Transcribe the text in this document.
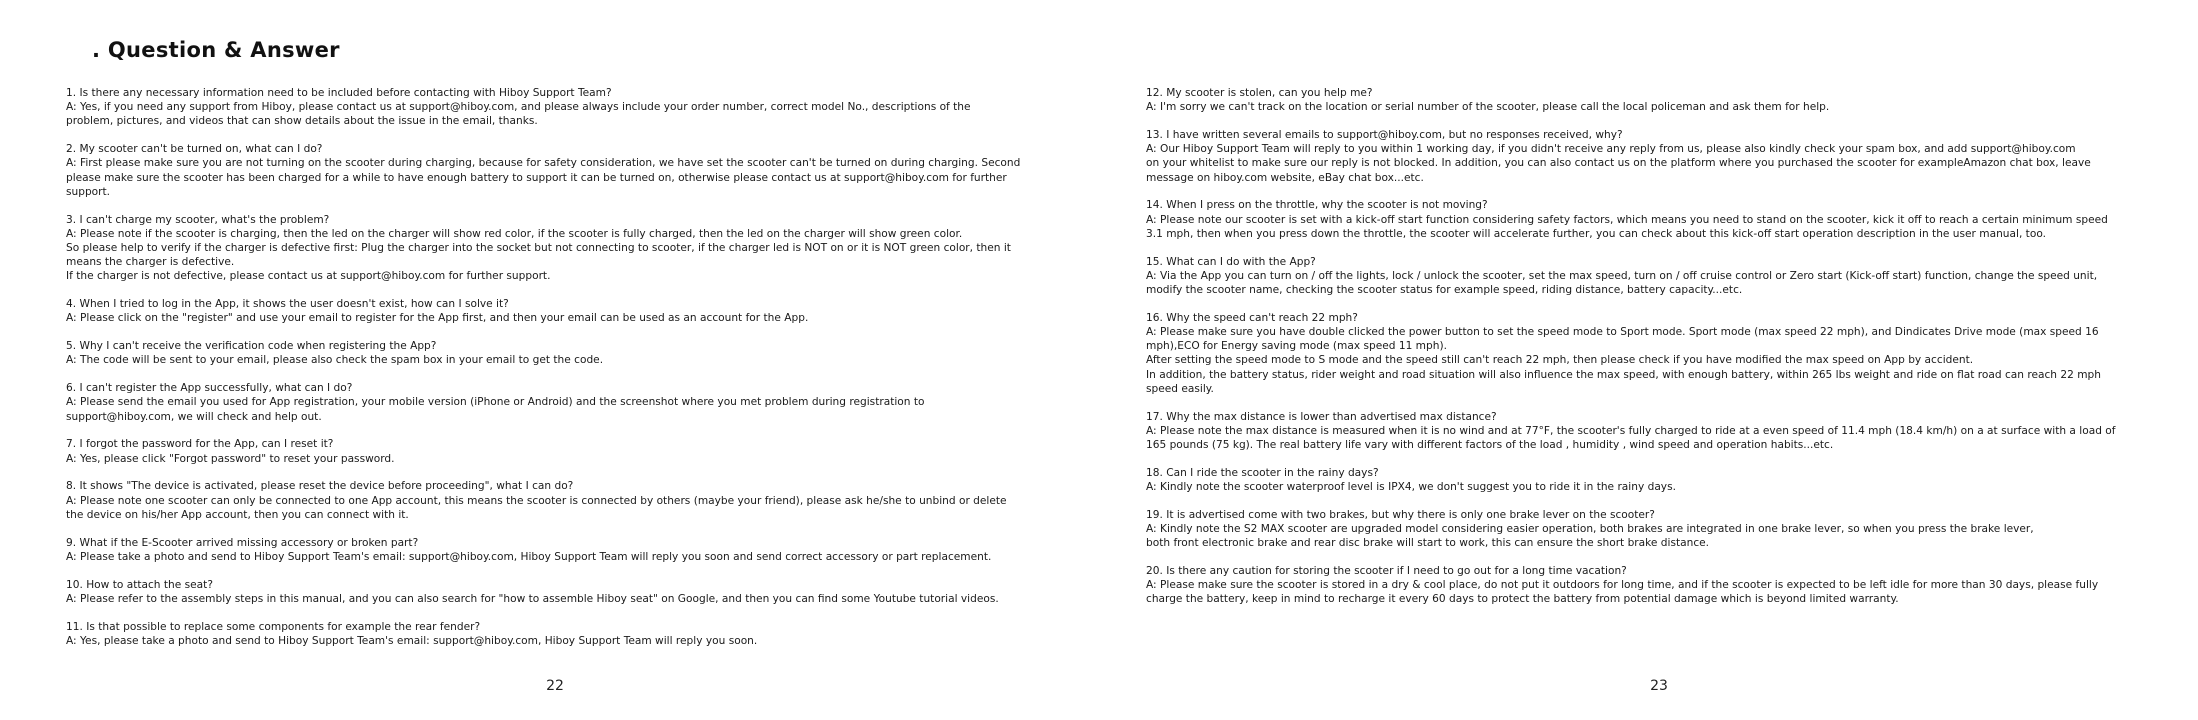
. Question & Answer

1. Is there any necessary information need to be included before contacting with Hiboy Support Team?

A: Yes, if you need any support from Hiboy, please contact us at support@hiboy.com, and please always include your order number, correct model No., descriptions of the
problem, pictures, and videos that can show details about the issue in the email, thanks.

2. My scooter can't be turned on, what can I do?

A: First please make sure you are not turning on the scooter during charging, because for safety consideration, we have set the scooter can't be turned on during charging. Second
please make sure the scooter has been charged for a while to have enough battery to support it can be turned on, otherwise please contact us at support@hiboy.com for further
support.

3. I can't charge my scooter, what's the problem?

A: Please note if the scooter is charging, then the led on the charger will show red color, if the scooter is fully charged, then the led on the charger will show green color.
So please help to verify if the charger is defective first: Plug the charger into the socket but not connecting to scooter, if the charger led is NOT on or it is NOT green color, then it
means the charger is defective.
If the charger is not defective, please contact us at support@hiboy.com for further support.

4. When I tried to log in the App, it shows the user doesn't exist, how can I solve it?

A: Please click on the "register" and use your email to register for the App first, and then your email can be used as an account for the App.

5. Why I can't receive the verification code when registering the App?

A: The code will be sent to your email, please also check the spam box in your email to get the code.

6. I can't register the App successfully, what can I do?

A: Please send the email you used for App registration, your mobile version (iPhone or Android) and the screenshot where you met problem during registration to
support@hiboy.com, we will check and help out.

7. I forgot the password for the App, can I reset it?

A: Yes, please click "Forgot password" to reset your password.

8. It shows "The device is activated, please reset the device before proceeding", what I can do?

A: Please note one scooter can only be connected to one App account, this means the scooter is connected by others (maybe your friend), please ask he/she to unbind or delete
the device on his/her App account, then you can connect with it.

9. What if the E-Scooter arrived missing accessory or broken part?

A: Please take a photo and send to Hiboy Support Team's email: support@hiboy.com, Hiboy Support Team will reply you soon and send correct accessory or part replacement.

10. How to attach the seat?

A: Please refer to the assembly steps in this manual, and you can also search for "how to assemble Hiboy seat" on Google, and then you can find some Youtube tutorial videos.

11. Is that possible to replace some components for example the rear fender?

A: Yes, please take a photo and send to Hiboy Support Team's email: support@hiboy.com, Hiboy Support Team will reply you soon.

22

12. My scooter is stolen, can you help me?

A: I'm sorry we can't track on the location or serial number of the scooter, please call the local policeman and ask them for help.

13. I have written several emails to support@hiboy.com, but no responses received, why?

A: Our Hiboy Support Team will reply to you within 1 working day, if you didn't receive any reply from us, please also kindly check your spam box, and add support@hiboy.com
on your whitelist to make sure our reply is not blocked. In addition, you can also contact us on the platform where you purchased the scooter for exampleAmazon chat box, leave
message on hiboy.com website, eBay chat box...etc.

14. When I press on the throttle, why the scooter is not moving?

A: Please note our scooter is set with a kick-off start function considering safety factors, which means you need to stand on the scooter, kick it off to reach a certain minimum speed
3.1 mph, then when you press down the throttle, the scooter will accelerate further, you can check about this kick-off start operation description in the user manual, too.

15. What can I do with the App?

A: Via the App you can turn on / off the lights, lock / unlock the scooter, set the max speed, turn on / off cruise control or Zero start (Kick-off start) function, change the speed unit,
modify the scooter name, checking the scooter status for example speed, riding distance, battery capacity...etc.

16. Why the speed can't reach 22 mph?

A: Please make sure you have double clicked the power button to set the speed mode to Sport mode. Sport mode (max speed 22 mph), and Dindicates Drive mode (max speed 16
mph),ECO for Energy saving mode (max speed 11 mph).
After setting the speed mode to S mode and the speed still can't reach 22 mph, then please check if you have modified the max speed on App by accident.
In addition, the battery status, rider weight and road situation will also influence the max speed, with enough battery, within 265 lbs weight and ride on flat road can reach 22 mph
speed easily.

17. Why the max distance is lower than advertised max distance?

A: Please note the max distance is measured when it is no wind and at 77°F, the scooter's fully charged to ride at a even speed of 11.4 mph (18.4 km/h) on a at surface with a load of
165 pounds (75 kg). The real battery life vary with different factors of the load , humidity , wind speed and operation habits...etc.

18. Can I ride the scooter in the rainy days?

A: Kindly note the scooter waterproof level is IPX4, we don't suggest you to ride it in the rainy days.

19. It is advertised come with two brakes, but why there is only one brake lever on the scooter?

A: Kindly note the S2 MAX scooter are upgraded model considering easier operation, both brakes are integrated in one brake lever, so when you press the brake lever,
both front electronic brake and rear disc brake will start to work, this can ensure the short brake distance.

20. Is there any caution for storing the scooter if I need to go out for a long time vacation?

A: Please make sure the scooter is stored in a dry & cool place, do not put it outdoors for long time, and if the scooter is expected to be left idle for more than 30 days, please fully
charge the battery, keep in mind to recharge it every 60 days to protect the battery from potential damage which is beyond limited warranty.

23
